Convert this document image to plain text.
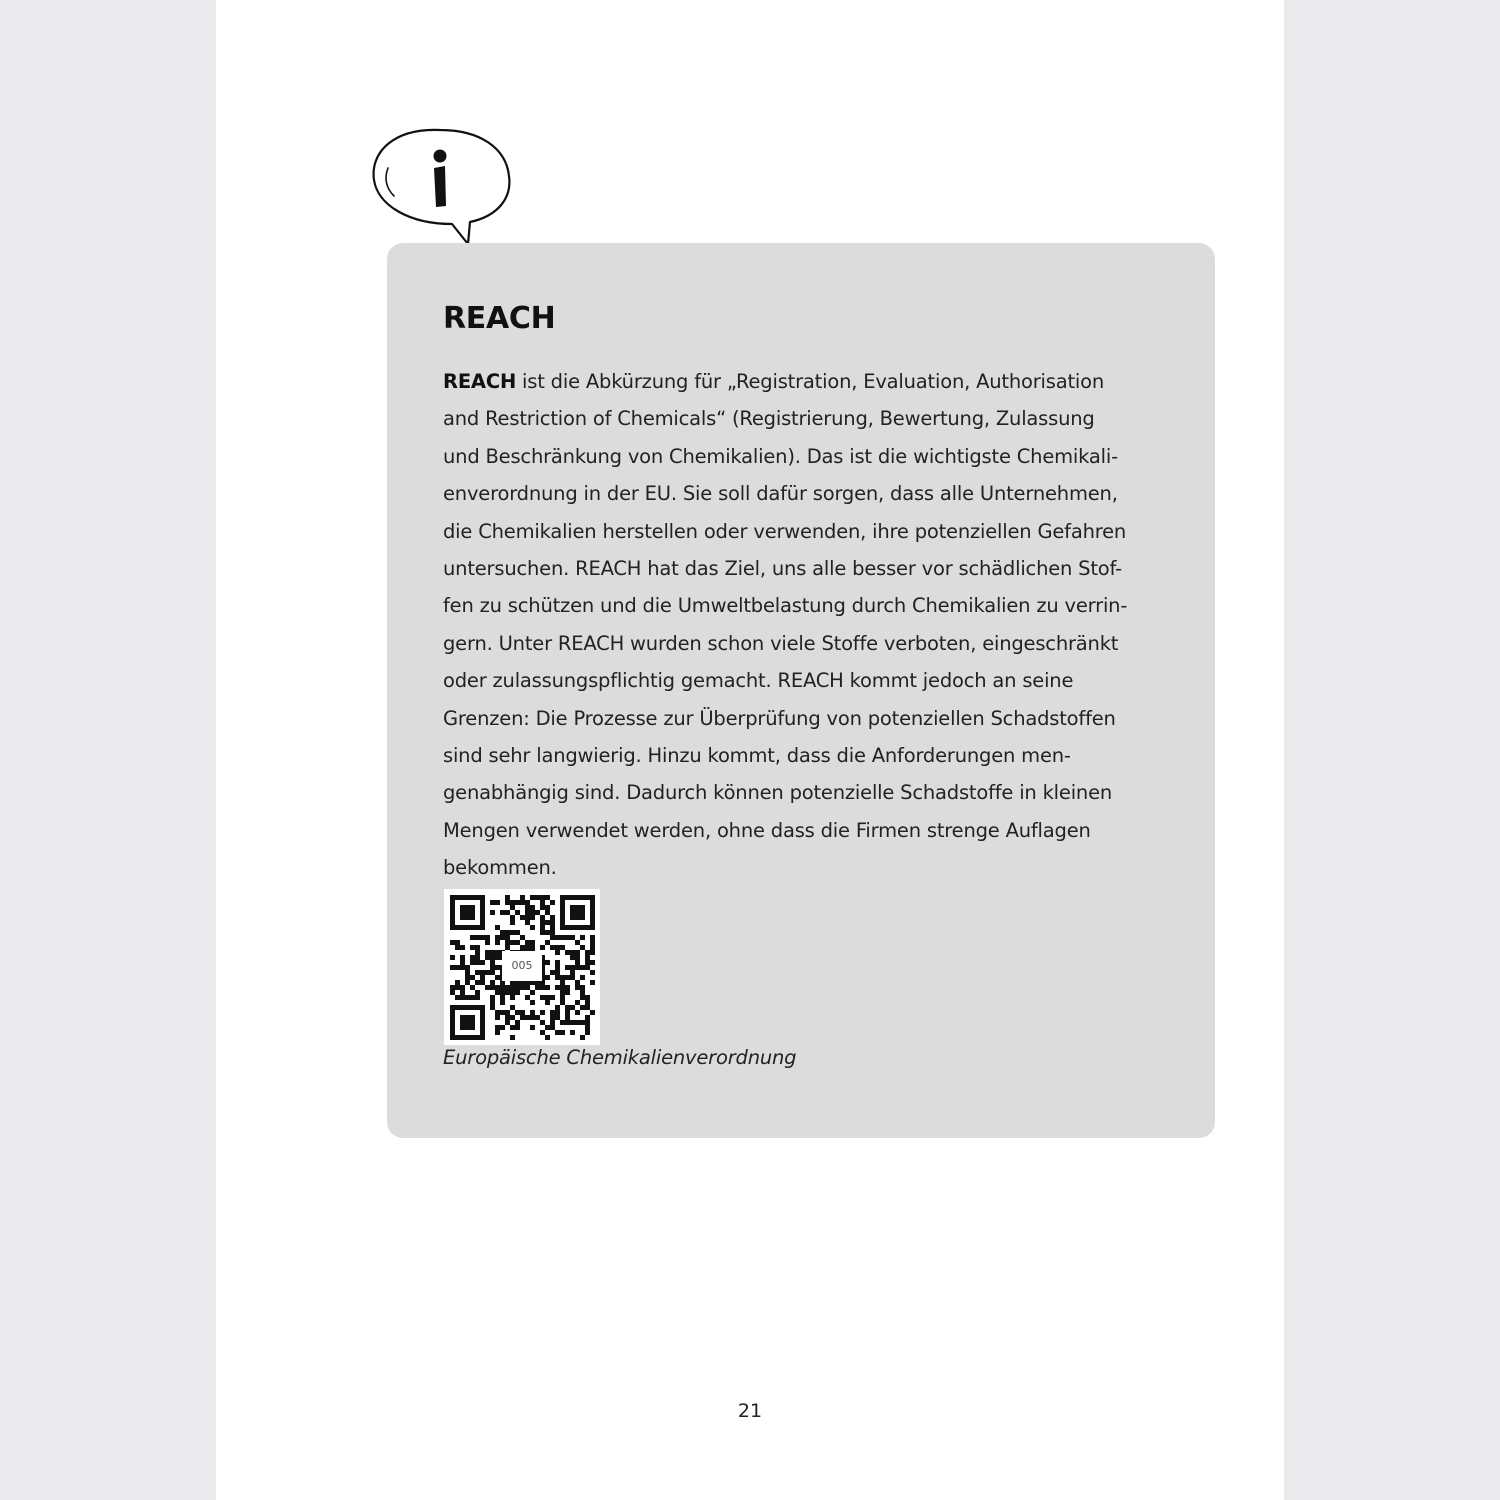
REACH

REACH ist die Abkürzung für „Registration, Evaluation, Authorisation
and Restriction of Chemicals“ (Registrierung, Bewertung, Zulassung
und Beschränkung von Chemikalien). Das ist die wichtigste Chemikali-
enverordnung in der EU. Sie soll dafür sorgen, dass alle Unternehmen,
die Chemikalien herstellen oder verwenden, ihre potenziellen Gefahren
untersuchen. REACH hat das Ziel, uns alle besser vor schädlichen Stof-
fen zu schützen und die Umweltbelastung durch Chemikalien zu verrin-
gern. Unter REACH wurden schon viele Stoffe verboten, eingeschränkt
oder zulassungspflichtig gemacht. REACH kommt jedoch an seine
Grenzen: Die Prozesse zur Überprüfung von potenziellen Schadstoffen
sind sehr langwierig. Hinzu kommt, dass die Anforderungen men-
genabhängig sind. Dadurch können potenzielle Schadstoffe in kleinen
Mengen verwendet werden, ohne dass die Firmen strenge Auflagen
bekommen.

005
Europäische Chemikalienverordnung
21
